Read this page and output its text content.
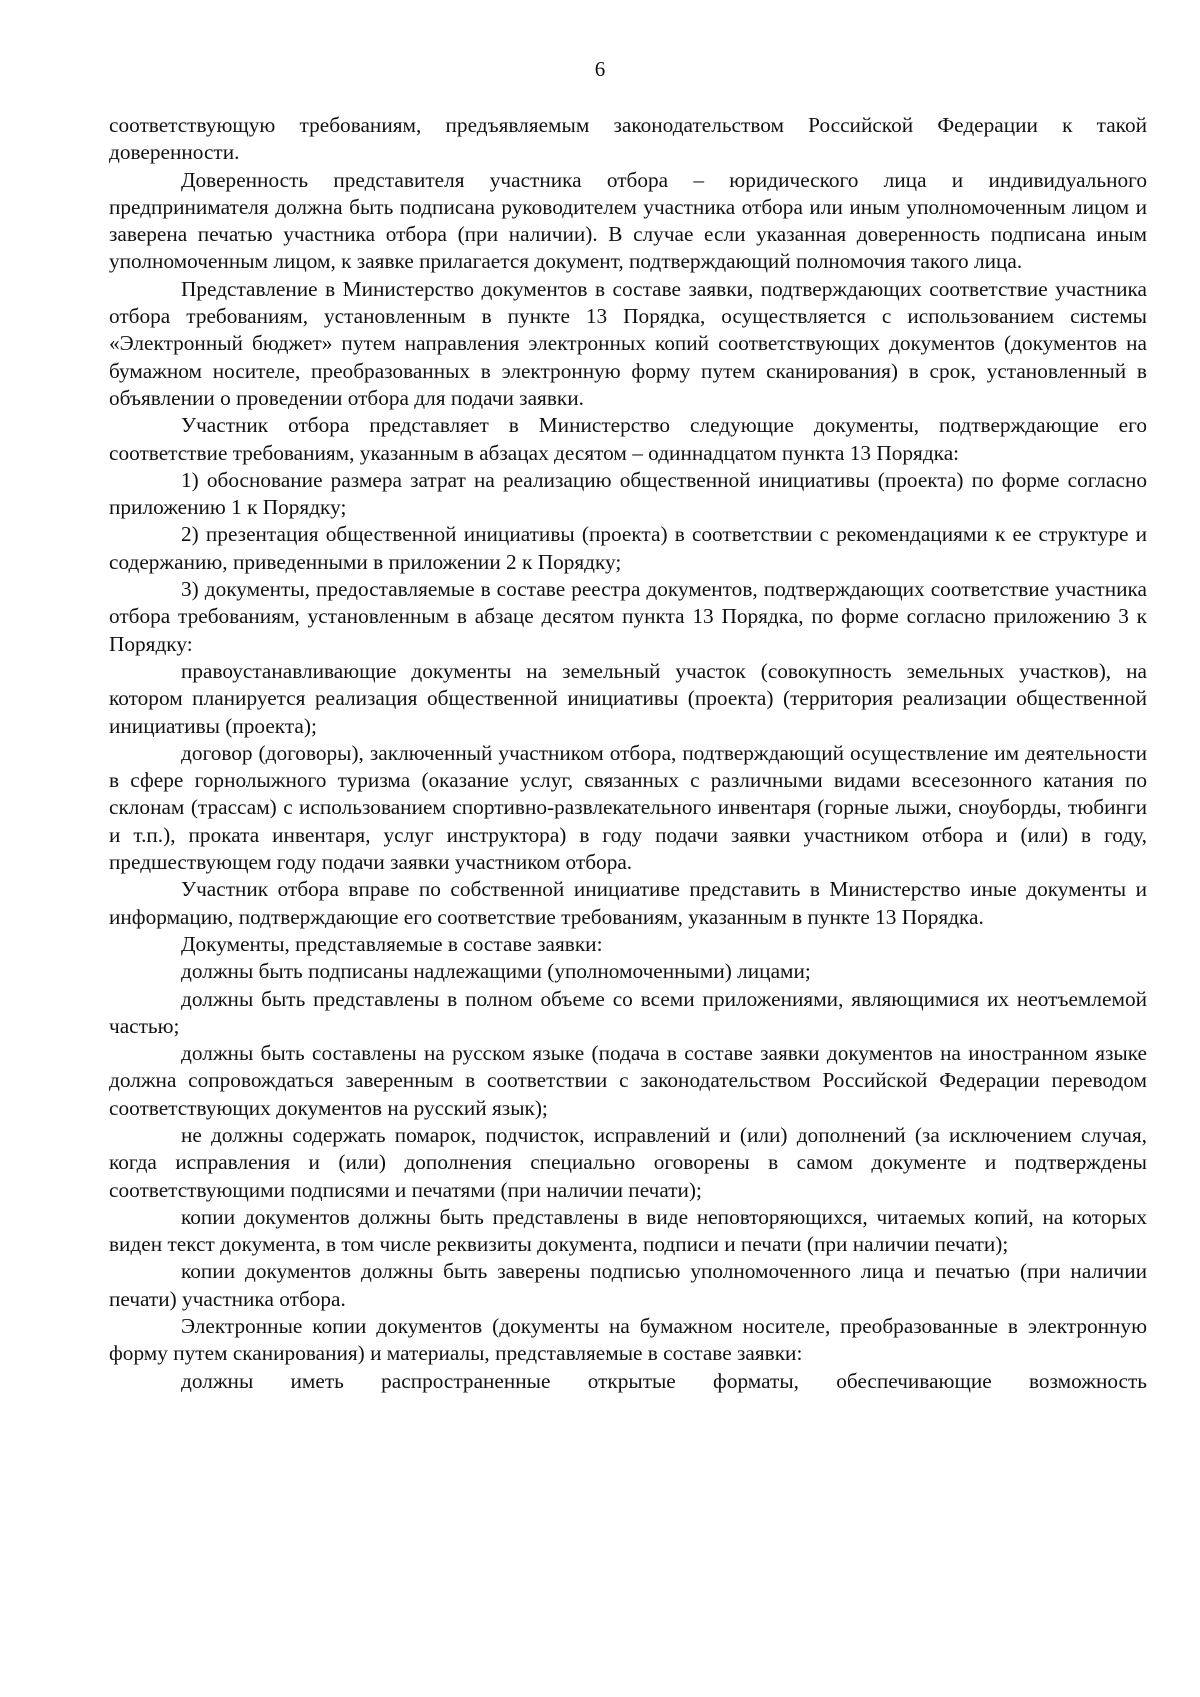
6

соответствующую требованиям, предъявляемым законодательством Российской Федерации к такой доверенности.

Доверенность представителя участника отбора – юридического лица и индивидуального предпринимателя должна быть подписана руководителем участника отбора или иным уполномоченным лицом и заверена печатью участника отбора (при наличии). В случае если указанная доверенность подписана иным уполномоченным лицом, к заявке прилагается документ, подтверждающий полномочия такого лица.

Представление в Министерство документов в составе заявки, подтверждающих соответствие участника отбора требованиям, установленным в пункте 13 Порядка, осуществляется с использованием системы «Электронный бюджет» путем направления электронных копий соответствующих документов (документов на бумажном носителе, преобразованных в электронную форму путем сканирования) в срок, установленный в объявлении о проведении отбора для подачи заявки.

Участник отбора представляет в Министерство следующие документы, подтверждающие его соответствие требованиям, указанным в абзацах десятом – одиннадцатом пункта 13 Порядка:

1) обоснование размера затрат на реализацию общественной инициативы (проекта) по форме согласно приложению 1 к Порядку;

2) презентация общественной инициативы (проекта) в соответствии с рекомендациями к ее структуре и содержанию, приведенными в приложении 2 к Порядку;

3) документы, предоставляемые в составе реестра документов, подтверждающих соответствие участника отбора требованиям, установленным в абзаце десятом пункта 13 Порядка, по форме согласно приложению 3 к Порядку:

правоустанавливающие документы на земельный участок (совокупность земельных участков), на котором планируется реализация общественной инициативы (проекта) (территория реализации общественной инициативы (проекта);

договор (договоры), заключенный участником отбора, подтверждающий осуществление им деятельности в сфере горнолыжного туризма (оказание услуг, связанных с различными видами всесезонного катания по склонам (трассам) с использованием спортивно-развлекательного инвентаря (горные лыжи, сноуборды, тюбинги и т.п.), проката инвентаря, услуг инструктора) в году подачи заявки участником отбора и (или) в году, предшествующем году подачи заявки участником отбора.

Участник отбора вправе по собственной инициативе представить в Министерство иные документы и информацию, подтверждающие его соответствие требованиям, указанным в пункте 13 Порядка.

Документы, представляемые в составе заявки:

должны быть подписаны надлежащими (уполномоченными) лицами;

должны быть представлены в полном объеме со всеми приложениями, являющимися их неотъемлемой частью;

должны быть составлены на русском языке (подача в составе заявки документов на иностранном языке должна сопровождаться заверенным в соответствии с законодательством Российской Федерации переводом соответствующих документов на русский язык);

не должны содержать помарок, подчисток, исправлений и (или) дополнений (за исключением случая, когда исправления и (или) дополнения специально оговорены в самом документе и подтверждены соответствующими подписями и печатями (при наличии печати);

копии документов должны быть представлены в виде неповторяющихся, читаемых копий, на которых виден текст документа, в том числе реквизиты документа, подписи и печати (при наличии печати);

копии документов должны быть заверены подписью уполномоченного лица и печатью (при наличии печати) участника отбора.

Электронные копии документов (документы на бумажном носителе, преобразованные в электронную форму путем сканирования) и материалы, представляемые в составе заявки:

должны иметь распространенные открытые форматы, обеспечивающие возможность
